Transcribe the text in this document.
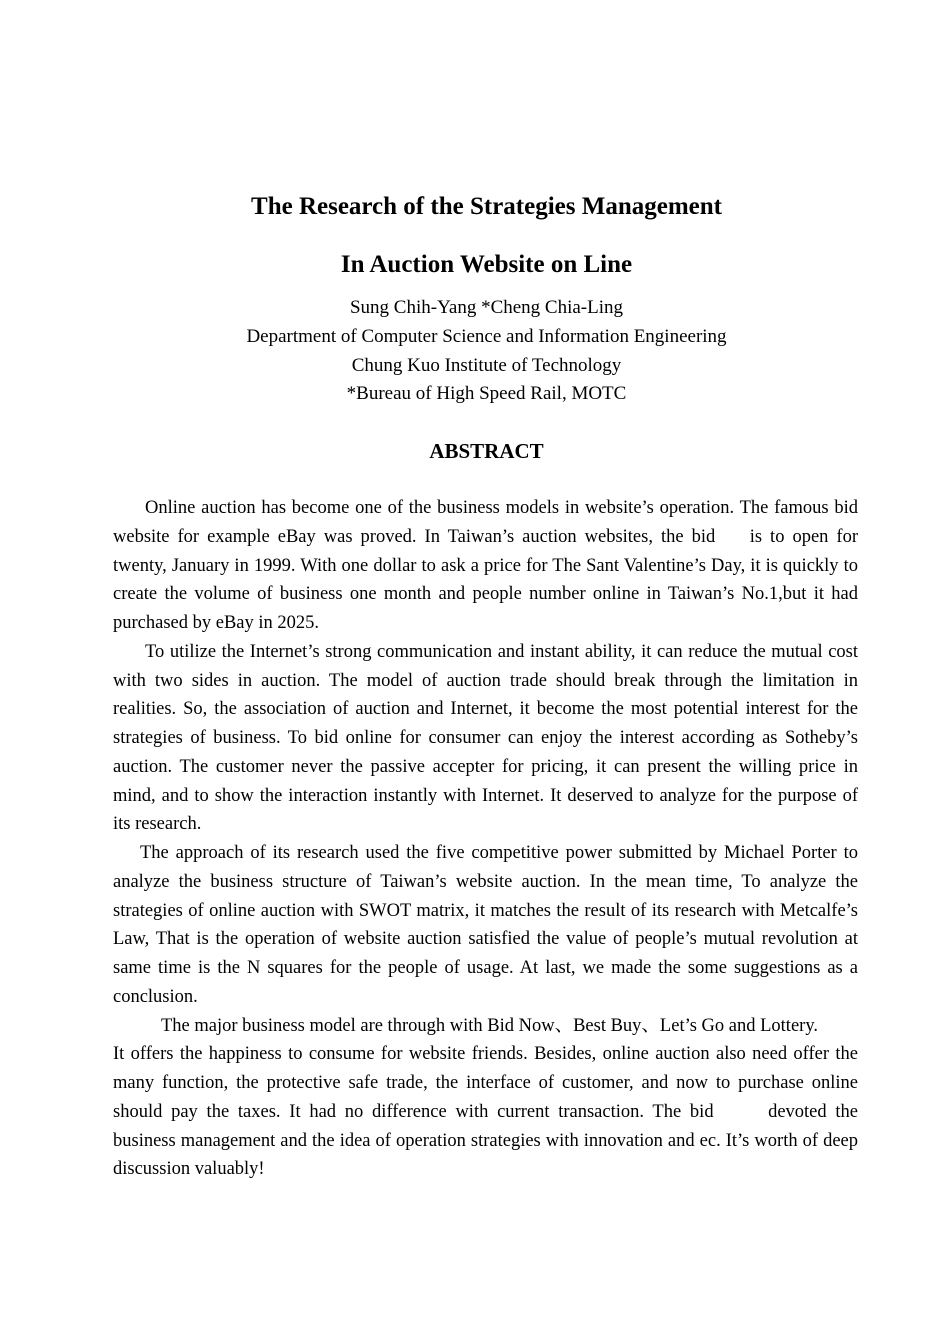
The Research of the Strategies Management
In Auction Website on Line

Sung Chih-Yang *Cheng Chia-Ling

Department of Computer Science and Information Engineering

Chung Kuo Institute of Technology

*Bureau of High Speed Rail, MOTC

ABSTRACT

Online auction has become one of the business models in website’s operation. The famous bid website for example eBay was proved. In Taiwan’s auction websites, the bid   is to open for twenty, January in 1999. With one dollar to ask a price for The Sant Valentine’s Day, it is quickly to create the volume of business one month and people number online in Taiwan’s No.1,but it had purchased by eBay in 2025.

To utilize the Internet’s strong communication and instant ability, it can reduce the mutual cost with two sides in auction. The model of auction trade should break through the limitation in realities. So, the association of auction and Internet, it become the most potential interest for the strategies of business. To bid online for consumer can enjoy the interest according as Sotheby’s auction. The customer never the passive accepter for pricing, it can present the willing price in mind, and to show the interaction instantly with Internet. It deserved to analyze for the purpose of its research.

The approach of its research used the five competitive power submitted by Michael Porter to analyze the business structure of Taiwan’s website auction. In the mean time, To analyze the strategies of online auction with SWOT matrix, it matches the result of its research with Metcalfe’s Law, That is the operation of website auction satisfied the value of people’s mutual revolution at same time is the N squares for the people of usage. At last, we made the some suggestions as a conclusion.

The major business model are through with Bid Now、Best Buy、Let’s Go and Lottery.

It offers the happiness to consume for website friends. Besides, online auction also need offer the many function, the protective safe trade, the interface of customer, and now to purchase online should pay the taxes. It had no difference with current transaction. The bid    devoted the business management and the idea of operation strategies with innovation and ec. It’s worth of deep discussion valuably!
